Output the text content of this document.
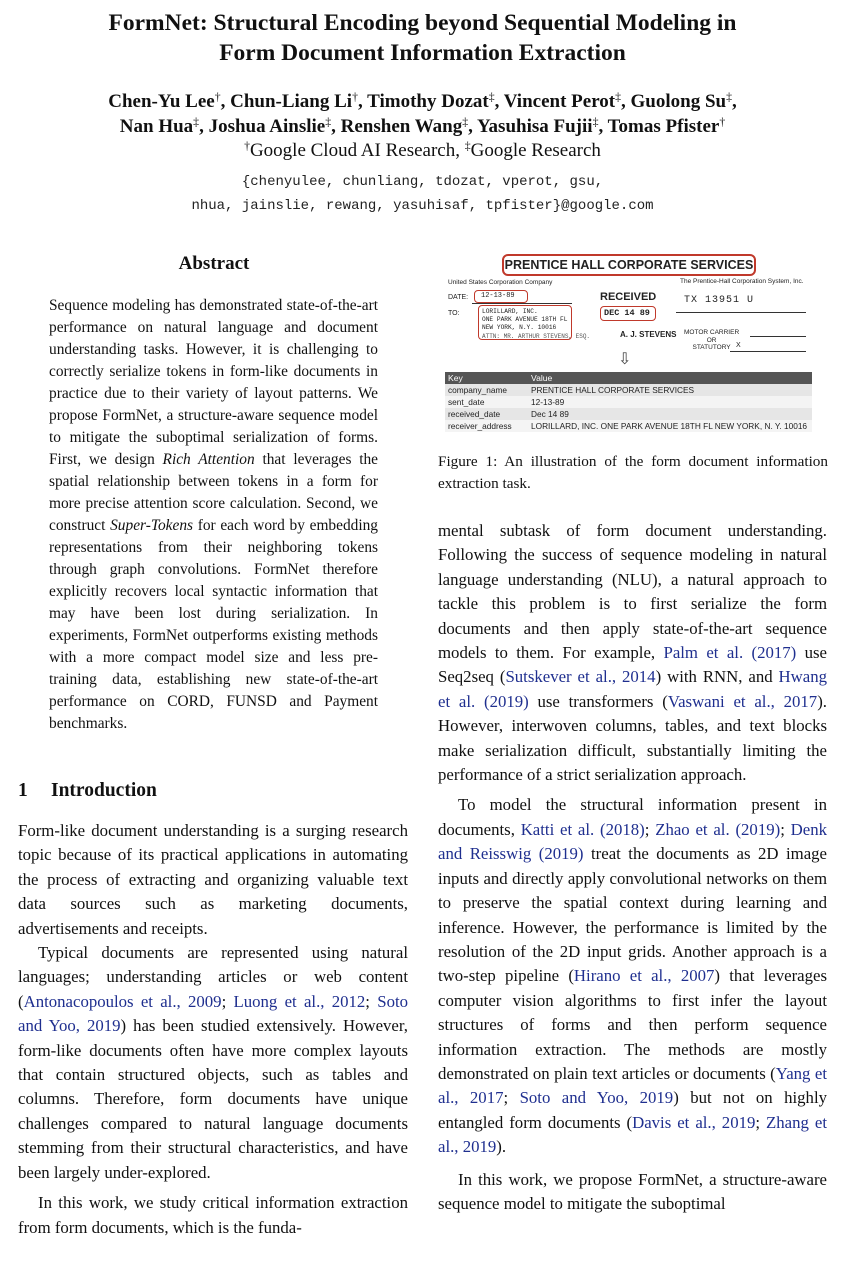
FormNet: Structural Encoding beyond Sequential Modeling in
Form Document Information Extraction
Chen-Yu Lee†, Chun-Liang Li†, Timothy Dozat‡, Vincent Perot‡, Guolong Su‡,
Nan Hua‡, Joshua Ainslie‡, Renshen Wang‡, Yasuhisa Fujii‡, Tomas Pfister†
†Google Cloud AI Research, ‡Google Research
{chenyulee, chunliang, tdozat, vperot, gsu,
nhua, jainslie, rewang, yasuhisaf, tpfister}@google.com
Abstract
Sequence modeling has demonstrated state-of-the-art performance on natural language and document understanding tasks. However, it is challenging to correctly serialize tokens in form-like documents in practice due to their variety of layout patterns. We propose FormNet, a structure-aware sequence model to mitigate the suboptimal serialization of forms. First, we design Rich Attention that leverages the spatial relationship between tokens in a form for more precise attention score calculation. Second, we construct Super-Tokens for each word by embedding representations from their neighboring tokens through graph convolutions. FormNet therefore explicitly recovers local syntactic information that may have been lost during serialization. In experiments, FormNet outperforms existing methods with a more compact model size and less pre-training data, establishing new state-of-the-art performance on CORD, FUNSD and Payment benchmarks.
1 Introduction

Form-like document understanding is a surging research topic because of its practical applications in automating the process of extracting and organizing valuable text data sources such as marketing documents, advertisements and receipts.

Typical documents are represented using natural languages; understanding articles or web content (Antonacopoulos et al., 2009; Luong et al., 2012; Soto and Yoo, 2019) has been studied extensively. However, form-like documents often have more complex layouts that contain structured objects, such as tables and columns. Therefore, form documents have unique challenges compared to natural language documents stemming from their structural characteristics, and have been largely under-explored.

In this work, we study critical information extraction from form documents, which is the funda-

PRENTICE HALL CORPORATE SERVICES
United States Corporation Company	The Prentice-Hall Corporation System, Inc.
DATE: 12-13-89	RECEIVED
DEC 14 89
TX 13951 U
TO:	LORILLARD, INC.
ONE PARK AVENUE 18TH FL
NEW YORK, N.Y. 10016
ATTN: MR. ARTHUR STEVENS, ESQ.	A. J. STEVENS MOTOR CARRIER
OR
STATUTORY X
⇩
Key	Value
company_name	PRENTICE HALL CORPORATE SERVICES
sent_date	12-13-89
received_date	Dec 14 89
receiver_address	LORILLARD, INC. ONE PARK AVENUE 18TH FL NEW YORK, N. Y. 10016
Figure 1: An illustration of the form document information extraction task.

mental subtask of form document understanding. Following the success of sequence modeling in natural language understanding (NLU), a natural approach to tackle this problem is to first serialize the form documents and then apply state-of-the-art sequence models to them. For example, Palm et al. (2017) use Seq2seq (Sutskever et al., 2014) with RNN, and Hwang et al. (2019) use transformers (Vaswani et al., 2017). However, interwoven columns, tables, and text blocks make serialization difficult, substantially limiting the performance of a strict serialization approach.

To model the structural information present in documents, Katti et al. (2018); Zhao et al. (2019); Denk and Reisswig (2019) treat the documents as 2D image inputs and directly apply convolutional networks on them to preserve the spatial context during learning and inference. However, the performance is limited by the resolution of the 2D input grids. Another approach is a two-step pipeline (Hirano et al., 2007) that leverages computer vision algorithms to first infer the layout structures of forms and then perform sequence information extraction. The methods are mostly demonstrated on plain text articles or documents (Yang et al., 2017; Soto and Yoo, 2019) but not on highly entangled form documents (Davis et al., 2019; Zhang et al., 2019).

In this work, we propose FormNet, a structure-aware sequence model to mitigate the suboptimal
